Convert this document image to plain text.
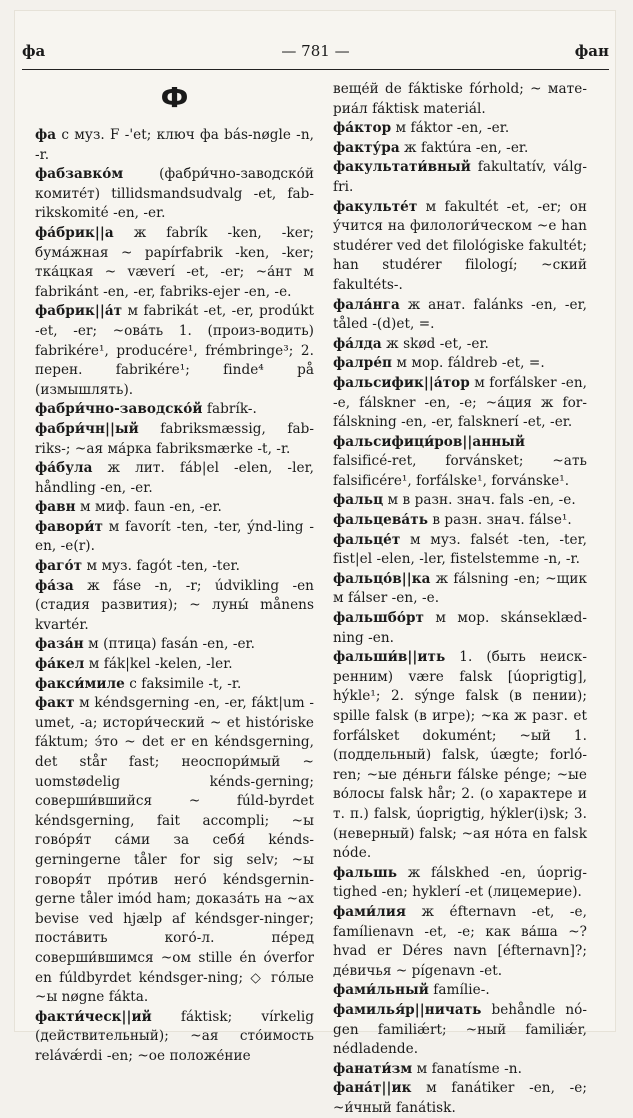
фа	— 781 —	фан
Ф

фа с муз. F -'et; ключ фа bás-nøgle -n, -r.

фабзавко́м (фабри́чно-заводско́й комите́т) tillidsmandsudvalg -et, fab-rikskomité -en, -er.

фа́брик||а ж fabrík -ken, -ker; бума́жная ~ papírfabrik -ken, -ker; тка́цкая ~ væverí -et, -er; ~а́нт м fabrikánt -en, -er, fabriks-ejer -en, -e.

фабрик||а́т м fabrikát -et, -er, prodúkt -et, -er; ~ова́ть 1. (произ-водить) fabrikére¹, producére¹, frémbringe³; 2. перен. fabrikére¹; finde⁴ på (измышлять).

фабри́чно-заводско́й fabrík-.

фабри́чн||ый fabriksmæssig, fab-riks-; ~ая ма́рка fabriksmærke -t, -r.

фа́була ж лит. fáb|el -elen, -ler, håndling -en, -er.

фавн м миф. faun -en, -er.

фавори́т м favorít -ten, -ter, ýnd-ling -en, -e(r).

фаго́т м муз. fagót -ten, -ter.

фа́за ж fáse -n, -r; údvikling -en (стадия развития); ~ луны́ månens kvartér.

фаза́н м (птица) fasán -en, -er.

фа́кел м fák|kel -kelen, -ler.

факси́миле с faksimile -t, -r.

факт м kéndsgerning -en, -er, fákt|um -umet, -a; истори́ческий ~ et históriske fáktum; э́то ~ det er en kéndsgerning, det står fast; неоспори́мый ~ uomstødelig kénds-gerning; соверши́вшийся ~ fúld-byrdet kéndsgerning, fait accompli; ~ы гово́ря́т са́ми за себя́ kénds-gerningerne tåler for sig selv; ~ы говоря́т про́тив него́ kéndsgernin-gerne tåler imód ham; доказа́ть на ~ax bevise ved hjælp af kéndsger-ninger; поста́вить кого́-л. пе́ред соверши́вшимся ~ом stille én óverfor en fúldbyrdet kéndsger-ning; ◇ го́лые ~ы nøgne fákta.

факти́ческ||ий fáktisk; vírkelig (действительный); ~ая сто́имость relávǽrdi -en; ~ое положе́ние

веще́й de fáktiske fórhold; ~ мате-риа́л fáktisk materiál.

фа́ктор м fáktor -en, -er.

факту́ра ж faktúra -en, -er.

факультати́вный fakultatív, válg-fri.

факульте́т м fakultét -et, -er; он у́чится на филологи́ческом ~е han studérer ved det filológiske fakultét; han studérer filologí; ~ский fakultéts-.

фала́нга ж анат. falánks -en, -er, tåled -(d)et, =.

фа́лда ж skød -et, -er.

фалре́п м мор. fáldreb -et, =.

фальсифик||а́тор м forfálsker -en, -e, fálskner -en, -e; ~а́ция ж for-fálskning -en, -er, falsknerí -et, -er.

фальсифици́ров||анный falsificé-ret, forvánsket; ~ать falsificére¹, forfálske¹, forvánske¹.

фальц м в разн. знач. fals -en, -e.

фальцева́ть в разн. знач. fálse¹.

фальце́т м муз. falsét -ten, -ter, fist|el -elen, -ler, fistelstemme -n, -r.

фальцо́в||ка ж fálsning -en; ~щик м fálser -en, -e.

фальшбо́рт м мор. skánseklæd-ning -en.

фальши́в||ить 1. (быть неиск-ренним) være falsk [úoprigtig], hýkle¹; 2. sýnge falsk (в пении); spille falsk (в игре); ~ка ж разг. et forfálsket dokumént; ~ый 1. (поддельный) falsk, úægte; forló-ren; ~ые де́ньги fálske pénge; ~ые во́лосы falsk hår; 2. (о характере и т. п.) falsk, úoprigtig, hýkler(i)sk; 3. (неверный) falsk; ~ая но́та en falsk nóde.

фальшь ж fálskhed -en, úoprig-tighed -en; hyklerí -et (лицемерие).

фами́лия ж éfternavn -et, -e, famílienavn -et, -e; как ва́ша ~? hvad er Déres navn [éfternavn]?; де́вичья ~ pígenavn -et.

фами́льный famílie-.

фамилья́р||ничать behåndle nó-gen familiǽrt; ~ный familiǽr, nédladende.

фанати́зм м fanatísme -n.

фана́т||ик м fanátiker -en, -e; ~и́чный fanátisk.
